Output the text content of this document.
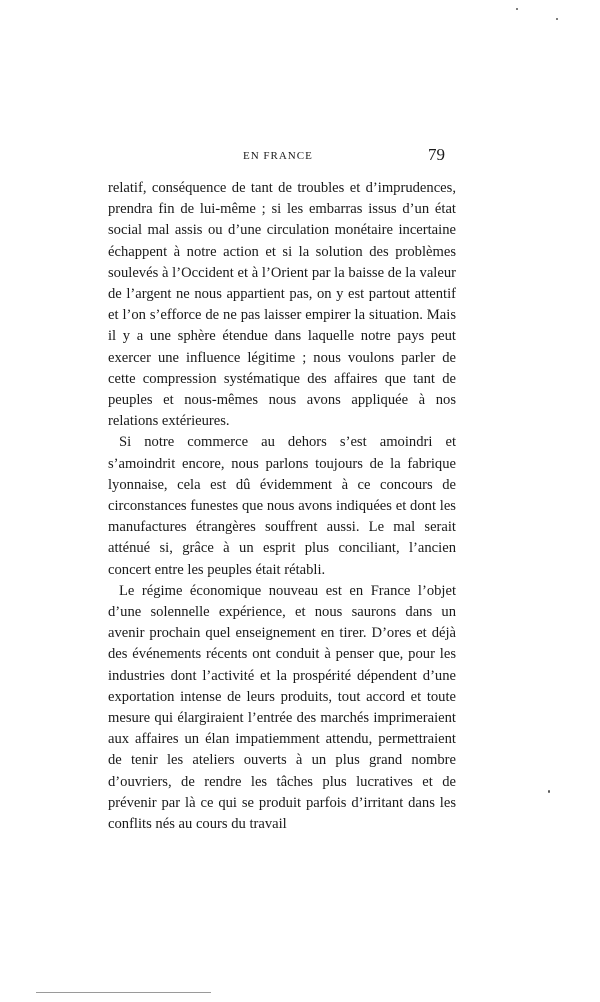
EN FRANCE	79

relatif, conséquence de tant de troubles et d’imprudences, prendra fin de lui-même ; si les embarras issus d’un état social mal assis ou d’une circulation monétaire incertaine échappent à notre action et si la solution des problèmes soulevés à l’Occident et à l’Orient par la baisse de la valeur de l’argent ne nous appartient pas, on y est partout attentif et l’on s’efforce de ne pas laisser empirer la situation. Mais il y a une sphère étendue dans laquelle notre pays peut exercer une influence légitime ; nous voulons parler de cette compression systématique des affaires que tant de peuples et nous-mêmes nous avons appliquée à nos relations extérieures.

Si notre commerce au dehors s’est amoindri et s’amoindrit encore, nous parlons toujours de la fabrique lyonnaise, cela est dû évidemment à ce concours de circonstances funestes que nous avons indiquées et dont les manufactures étrangères souffrent aussi. Le mal serait atténué si, grâce à un esprit plus conciliant, l’ancien concert entre les peuples était rétabli.

Le régime économique nouveau est en France l’objet d’une solennelle expérience, et nous saurons dans un avenir prochain quel enseignement en tirer. D’ores et déjà des événements récents ont conduit à penser que, pour les industries dont l’activité et la prospérité dépendent d’une exportation intense de leurs produits, tout accord et toute mesure qui élargiraient l’entrée des marchés imprimeraient aux affaires un élan impatiemment attendu, permettraient de tenir les ateliers ouverts à un plus grand nombre d’ouvriers, de rendre les tâches plus lucratives et de prévenir par là ce qui se produit parfois d’irritant dans les conflits nés au cours du travail
